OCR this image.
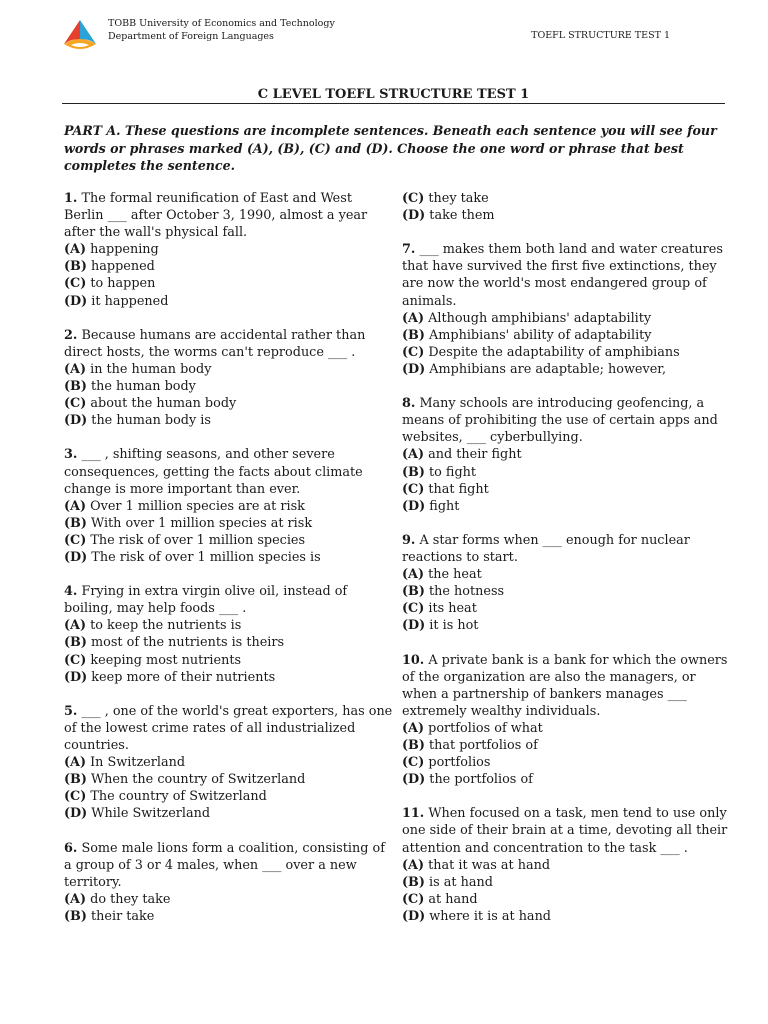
TOBB University of Economics and Technology
Department of Foreign Languages	TOEFL STRUCTURE TEST 1
C LEVEL TOEFL STRUCTURE TEST 1
PART A. These questions are incomplete sentences. Beneath each sentence you will see four words or phrases marked (A), (B), (C) and (D). Choose the one word or phrase that best completes the sentence.

1. The formal reunification of East and West Berlin ___ after October 3, 1990, almost a year after the wall's physical fall.

(A) happening

(B) happened

(C) to happen

(D) it happened

2. Because humans are accidental rather than direct hosts, the worms can't reproduce ___ .

(A) in the human body

(B) the human body

(C) about the human body

(D) the human body is

3. ___ , shifting seasons, and other severe consequences, getting the facts about climate change is more important than ever.

(A) Over 1 million species are at risk

(B) With over 1 million species at risk

(C) The risk of over 1 million species

(D) The risk of over 1 million species is

4. Frying in extra virgin olive oil, instead of boiling, may help foods ___ .

(A) to keep the nutrients is

(B) most of the nutrients is theirs

(C) keeping most nutrients

(D) keep more of their nutrients

5. ___ , one of the world's great exporters, has one of the lowest crime rates of all industrialized countries.

(A) In Switzerland

(B) When the country of Switzerland

(C) The country of Switzerland

(D) While Switzerland

6. Some male lions form a coalition, consisting of a group of 3 or 4 males, when ___ over a new territory.

(A) do they take

(B) their take

(C) they take

(D) take them

7. ___ makes them both land and water creatures that have survived the first five extinctions, they are now the world's most endangered group of animals.

(A) Although amphibians' adaptability

(B) Amphibians' ability of adaptability

(C) Despite the adaptability of amphibians

(D) Amphibians are adaptable; however,

8. Many schools are introducing geofencing, a means of prohibiting the use of certain apps and websites, ___ cyberbullying.

(A) and their fight

(B) to fight

(C) that fight

(D) fight

9. A star forms when ___ enough for nuclear reactions to start.

(A) the heat

(B) the hotness

(C) its heat

(D) it is hot

10. A private bank is a bank for which the owners of the organization are also the managers, or when a partnership of bankers manages ___ extremely wealthy individuals.

(A) portfolios of what

(B) that portfolios of

(C) portfolios

(D) the portfolios of

11. When focused on a task, men tend to use only one side of their brain at a time, devoting all their attention and concentration to the task ___ .

(A) that it was at hand

(B) is at hand

(C) at hand

(D) where it is at hand
